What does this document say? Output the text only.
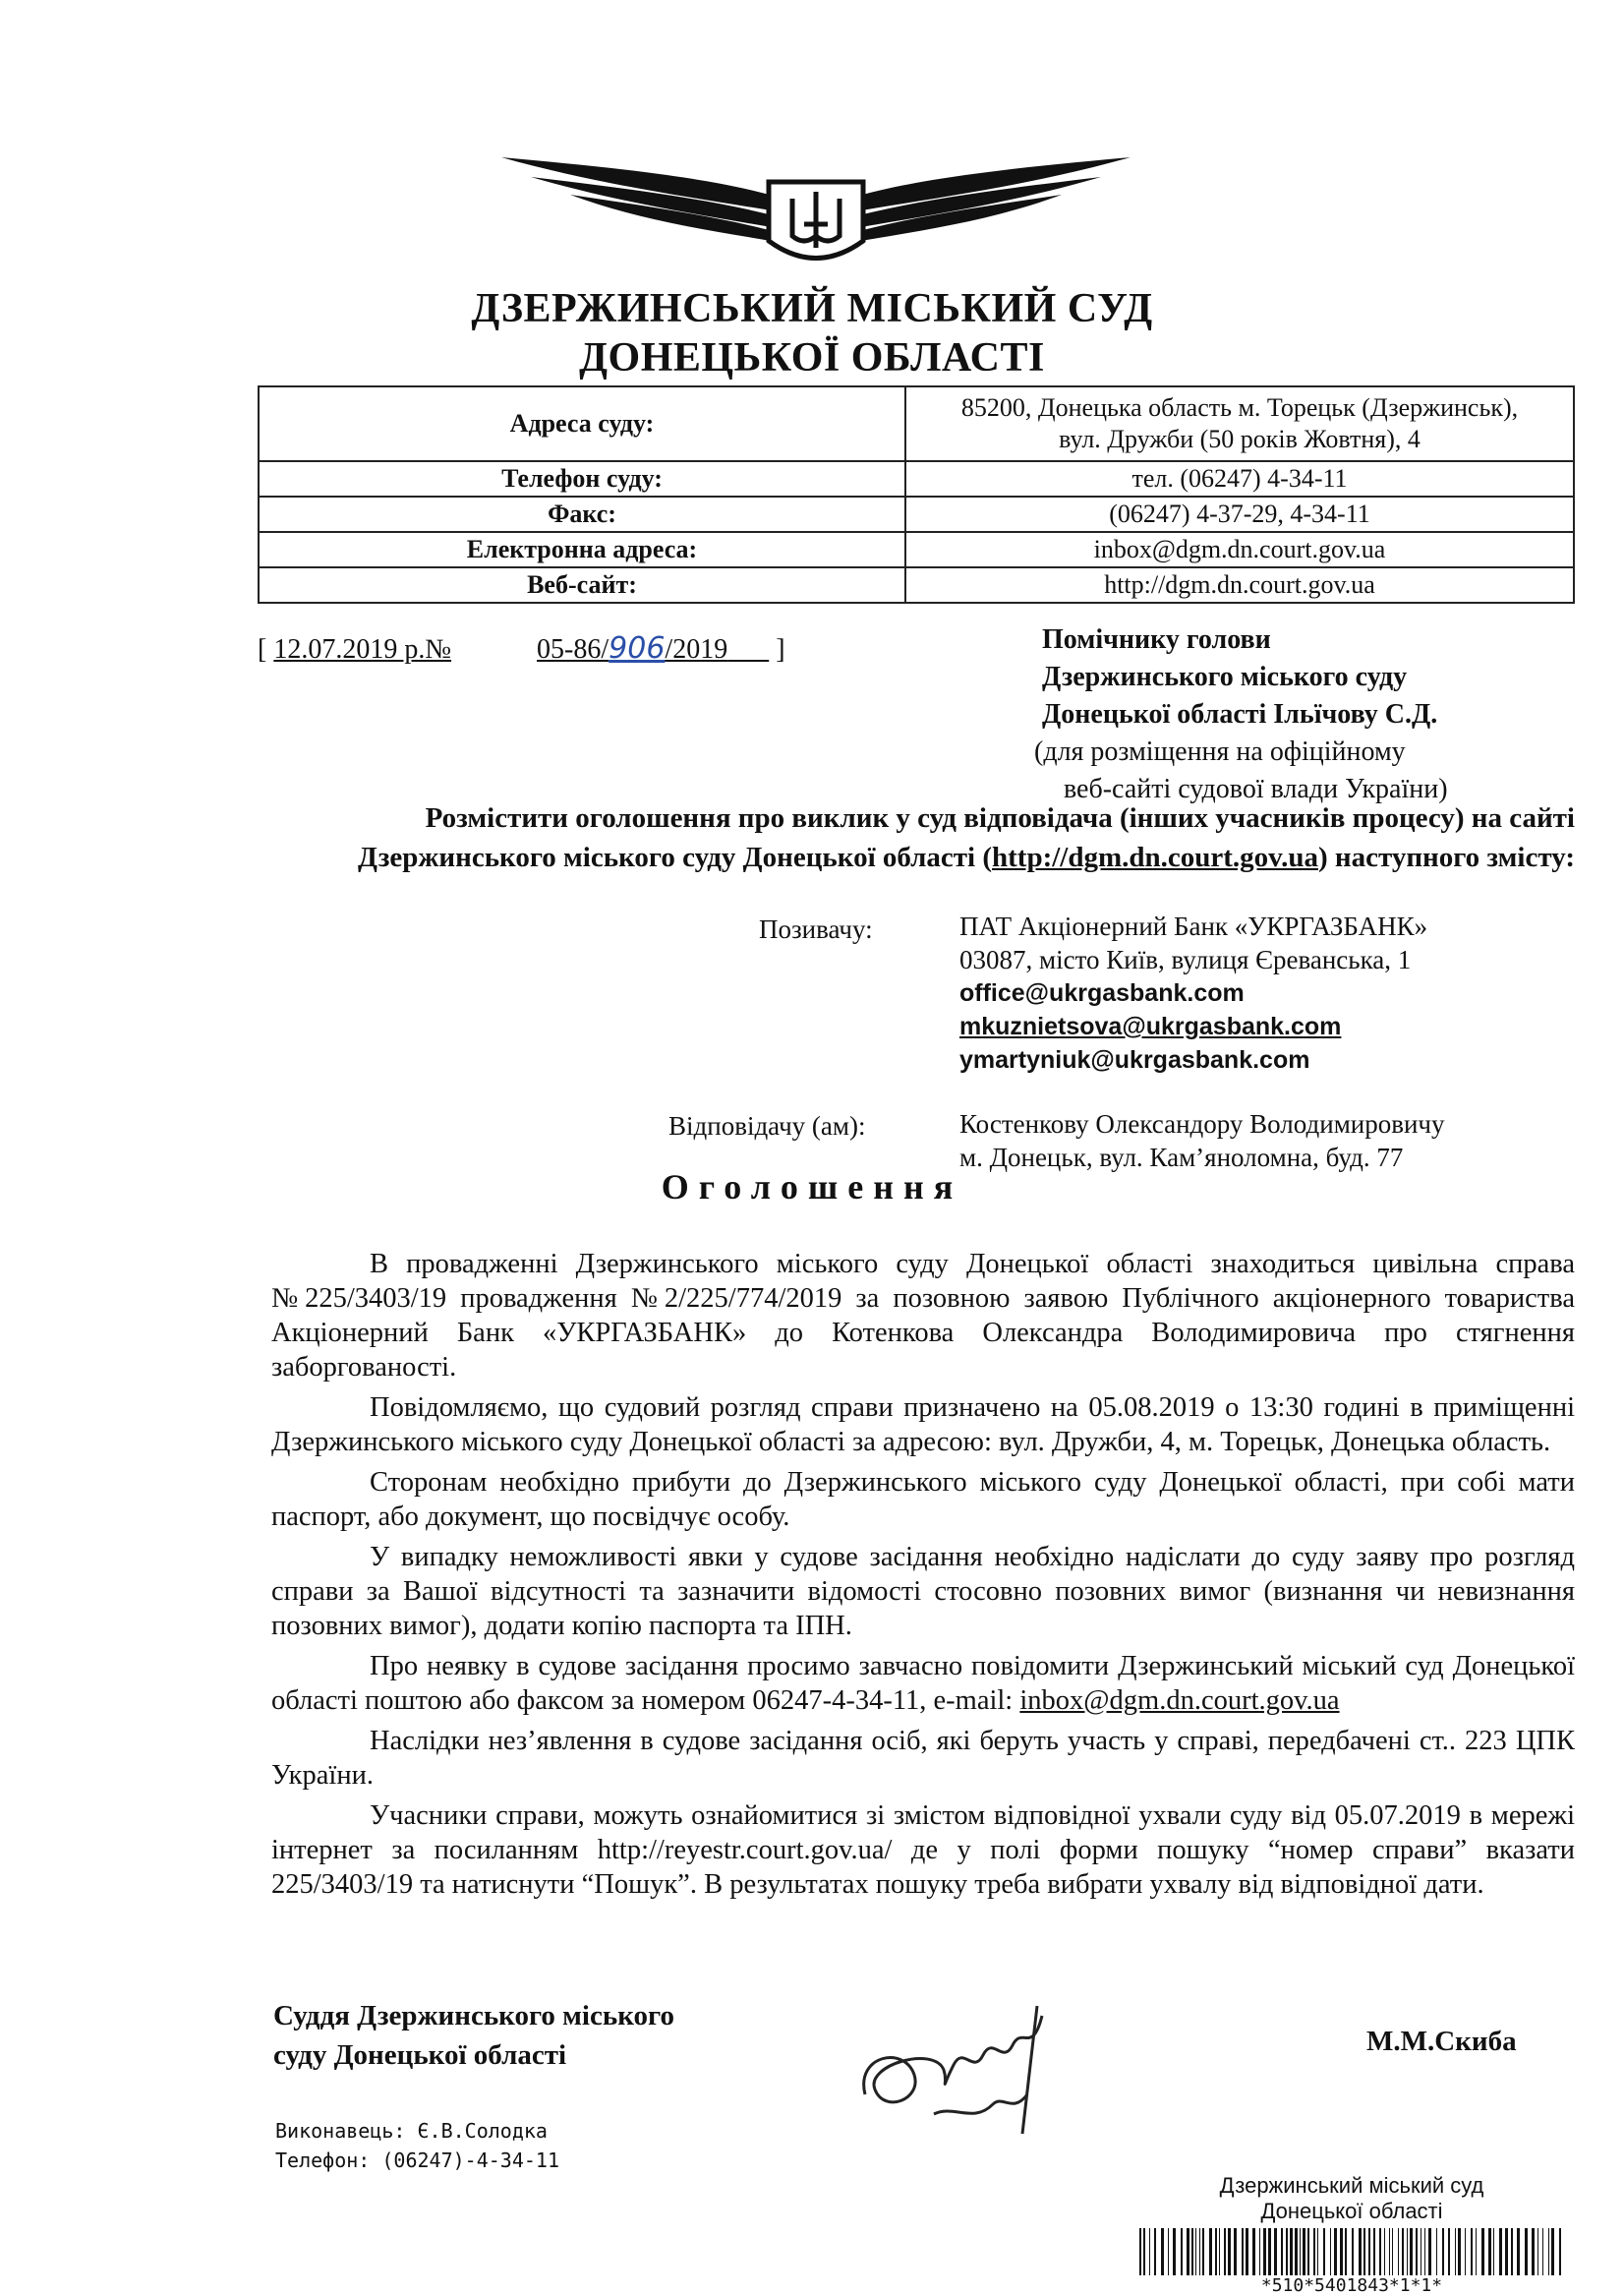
ДЗЕРЖИНСЬКИЙ МІСЬКИЙ СУД
ДОНЕЦЬКОЇ ОБЛАСТІ
Адреса суду:	85200, Донецька область м. Торецьк (Дзержинськ),
вул. Дружби (50 років Жовтня), 4

Телефон суду:	тел. (06247) 4-34-11
Факс:	(06247) 4-37-29, 4-34-11
Електронна адреса:	inbox@dgm.dn.court.gov.ua
Веб-сайт:	http://dgm.dn.court.gov.ua
[ 12.07.2019 р.№	05-86/906/2019 ]	Помічнику голови
Дзержинського міського суду
Донецької області Ільїчову С.Д.
(для розміщення на офіційному
веб-сайті судової влади України)
Розмістити оголошення про виклик у суд відповідача (інших учасників процесу) на сайті
Дзержинського міського суду Донецької області (http://dgm.dn.court.gov.ua) наступного змісту:
Позивачу:	ПАТ Акціонерний Банк «УКРГАЗБАНК»
03087, місто Київ, вулиця Єреванська, 1
office@ukrgasbank.com
mkuznietsova@ukrgasbank.com
ymartyniuk@ukrgasbank.com
Відповідачу (ам):	Костенкову Олександору Володимировичу
м. Донецьк, вул. Кам’яноломна, буд. 77
Оголошення

В провадженні Дзержинського міського суду Донецької області знаходиться цивільна справа №225/3403/19 провадження №2/225/774/2019 за позовною заявою Публічного акціонерного товариства Акціонерний Банк «УКРГАЗБАНК» до Котенкова Олександра Володимировича про стягнення заборгованості.

Повідомляємо, що судовий розгляд справи призначено на 05.08.2019 о 13:30 годині в приміщенні Дзержинського міського суду Донецької області за адресою: вул. Дружби, 4, м. Торецьк, Донецька область.

Сторонам необхідно прибути до Дзержинського міського суду Донецької області, при собі мати паспорт, або документ, що посвідчує особу.

У випадку неможливості явки у судове засідання необхідно надіслати до суду заяву про розгляд справи за Вашої відсутності та зазначити відомості стосовно позовних вимог (визнання чи невизнання позовних вимог), додати копію паспорта та ІПН.

Про неявку в судове засідання просимо завчасно повідомити Дзержинський міський суд Донецької області поштою або факсом за номером 06247-4-34-11, e-mail: inbox@dgm.dn.court.gov.ua

Наслідки нез’явлення в судове засідання осіб, які беруть участь у справі, передбачені ст.. 223 ЦПК України.

Учасники справи, можуть ознайомитися зі змістом відповідної ухвали суду від 05.07.2019 в мережі інтернет за посиланням http://reyestr.court.gov.ua/ де у полі форми пошуку “номер справи” вказати 225/3403/19 та натиснути “Пошук”. В результатах пошуку треба вибрати ухвалу від відповідної дати.

Суддя Дзержинського міського
суду Донецької області	М.М.Скиба
Виконавець: Є.В.Солодка
Телефон: (06247)-4-34-11
Дзержинський міський суд
Донецької області
*510*5401843*1*1*
